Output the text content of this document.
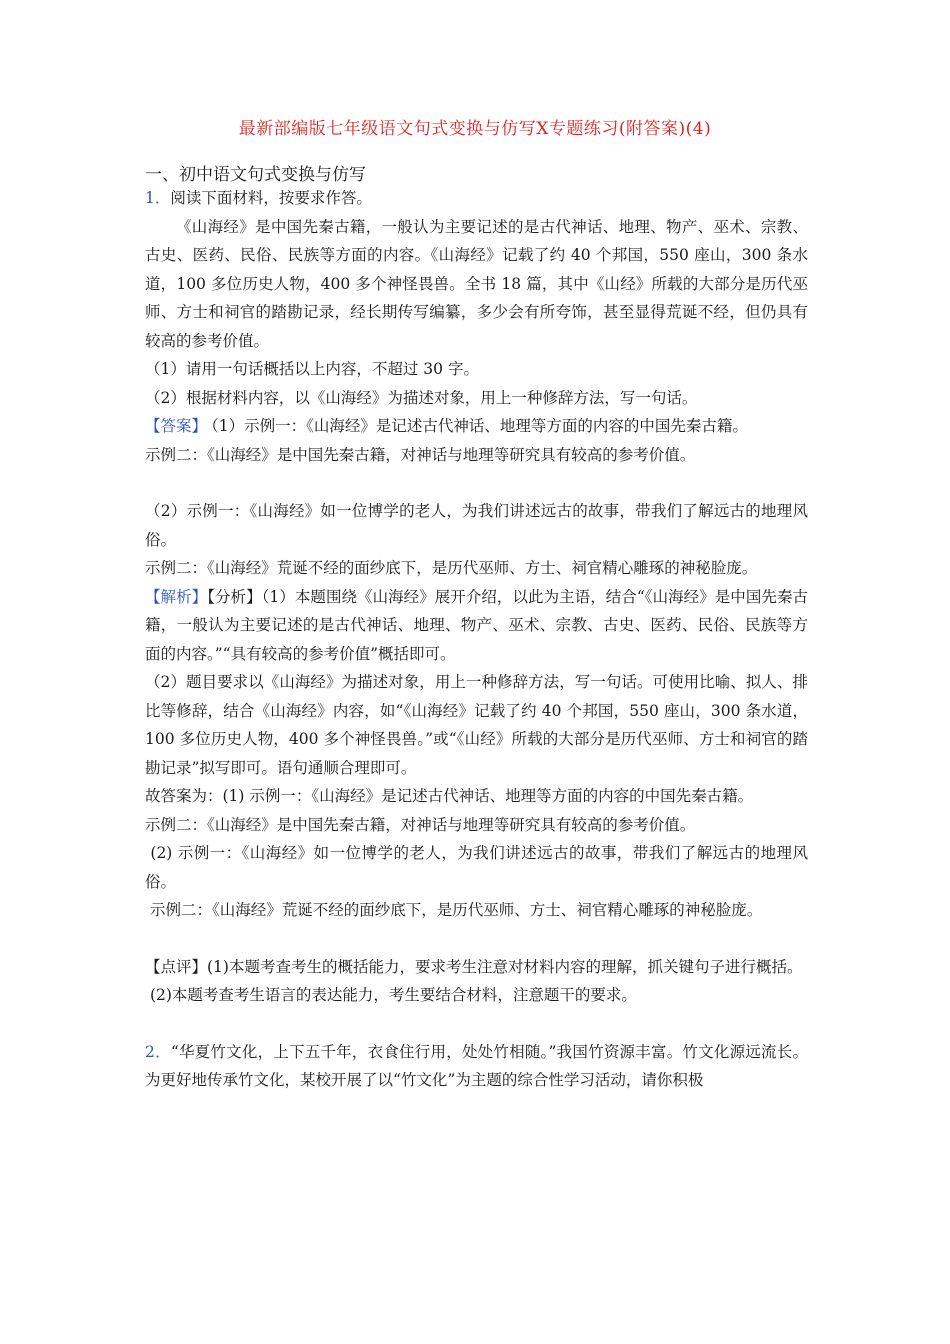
最新部编版七年级语文句式变换与仿写X专题练习(附答案)(4)
一、初中语文句式变换与仿写

1．阅读下面材料，按要求作答。

《山海经》是中国先秦古籍，一般认为主要记述的是古代神话、地理、物产、巫术、宗教、古史、医药、民俗、民族等方面的内容。《山海经》记载了约 40 个邦国，550 座山，300 条水道，100 多位历史人物，400 多个神怪畏兽。全书 18 篇，其中《山经》所载的大部分是历代巫师、方士和祠官的踏勘记录，经长期传写编纂，多少会有所夸饰，甚至显得荒诞不经，但仍具有较高的参考价值。

（1）请用一句话概括以上内容，不超过 30 字。

（2）根据材料内容，以《山海经》为描述对象，用上一种修辞方法，写一句话。

【答案】 （1）示例一：《山海经》是记述古代神话、地理等方面的内容的中国先秦古籍。

示例二：《山海经》是中国先秦古籍，对神话与地理等研究具有较高的参考价值。

（2）示例一：《山海经》如一位博学的老人，为我们讲述远古的故事，带我们了解远古的地理风俗。

示例二：《山海经》荒诞不经的面纱底下，是历代巫师、方士、祠官精心雕琢的神秘脸庞。

【解析】【分析】（1）本题围绕《山海经》展开介绍，以此为主语，结合“《山海经》是中国先秦古籍，一般认为主要记述的是古代神话、地理、物产、巫术、宗教、古史、医药、民俗、民族等方面的内容。”“具有较高的参考价值”概括即可。

（2）题目要求以《山海经》为描述对象，用上一种修辞方法，写一句话。可使用比喻、拟人、排比等修辞，结合《山海经》内容，如“《山海经》记载了约 40 个邦国，550 座山，300 条水道，100 多位历史人物，400 多个神怪畏兽。”或“《山经》所载的大部分是历代巫师、方士和祠官的踏勘记录”拟写即可。语句通顺合理即可。

故答案为：(1) 示例一：《山海经》是记述古代神话、地理等方面的内容的中国先秦古籍。

示例二：《山海经》是中国先秦古籍，对神话与地理等研究具有较高的参考价值。

(2) 示例一：《山海经》如一位博学的老人，为我们讲述远古的故事，带我们了解远古的地理风俗。

示例二：《山海经》荒诞不经的面纱底下，是历代巫师、方士、祠官精心雕琢的神秘脸庞。

【点评】(1)本题考查考生的概括能力，要求考生注意对材料内容的理解，抓关键句子进行概括。

(2)本题考查考生语言的表达能力，考生要结合材料，注意题干的要求。

2．“华夏竹文化，上下五千年，衣食住行用，处处竹相随。”我国竹资源丰富。竹文化源远流长。为更好地传承竹文化，某校开展了以“竹文化”为主题的综合性学习活动，请你积极
